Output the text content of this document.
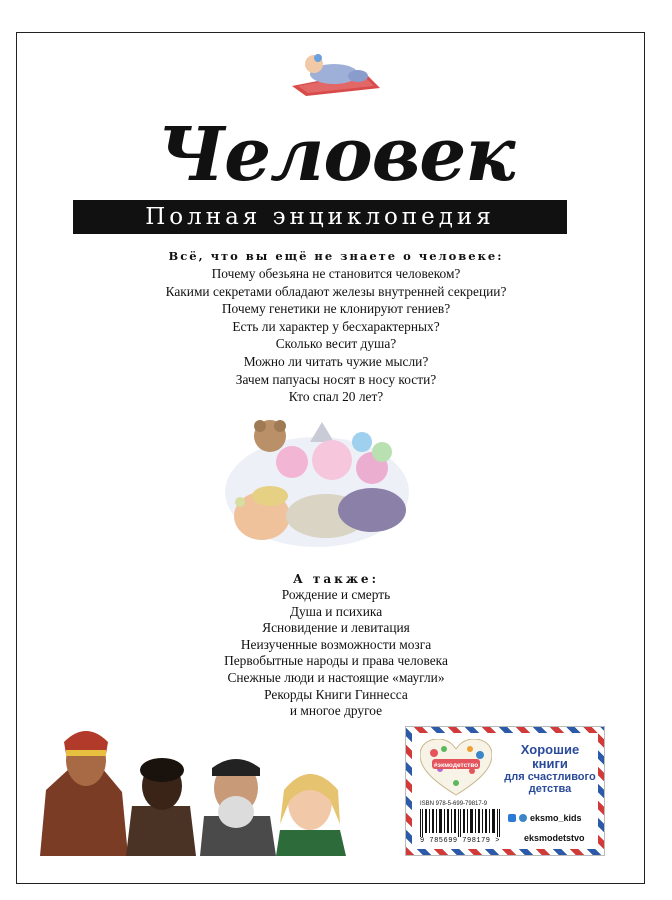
Человек
Полная энциклопедия
Всё, что вы ещё не знаете о человеке:
Почему обезьяна не становится человеком?
Какими секретами обладают железы внутренней секреции?
Почему генетики не клонируют гениев?
Есть ли характер у бесхарактерных?
Сколько весит душа?
Можно ли читать чужие мысли?
Зачем папуасы носят в носу кости?
Кто спал 20 лет?
А также:
Рождение и смерть
Душа и психика
Ясновидение и левитация
Неизученные возможности мозга
Первобытные народы и права человека
Снежные люди и настоящие «маугли»
Рекорды Книги Гиннесса
и многое другое
#экмодетство
Хорошие
книги
для счастливого
детства
ISBN 978-5-699-79817-9
9 785699 798179 >
eksmo_kids
eksmodetstvo
